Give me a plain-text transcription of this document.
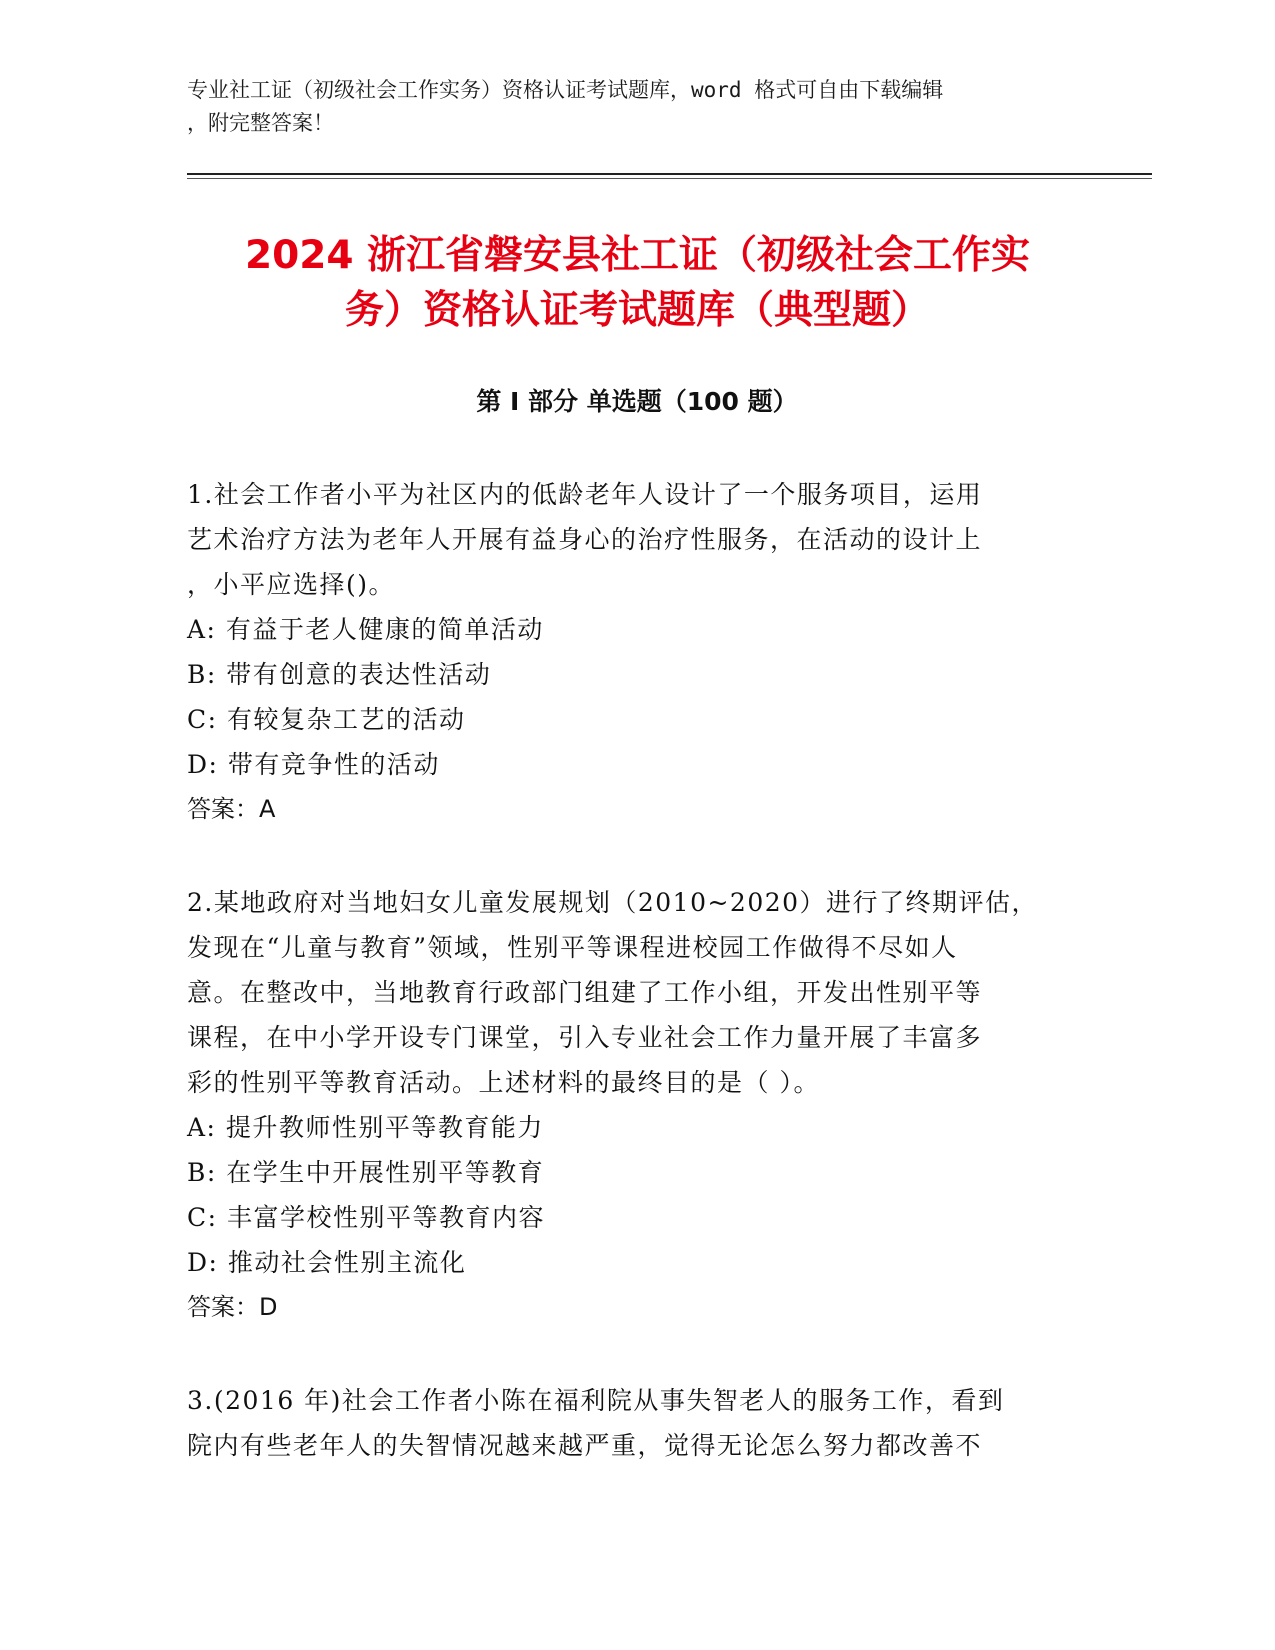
专业社工证（初级社会工作实务）资格认证考试题库，word 格式可自由下载编辑
，附完整答案！
2024 浙江省磐安县社工证（初级社会工作实
务）资格认证考试题库（典型题）
第 I 部分 单选题（100 题）
1.社会工作者小平为社区内的低龄老年人设计了一个服务项目，运用
艺术治疗方法为老年人开展有益身心的治疗性服务，在活动的设计上
，小平应选择()。
A: 有益于老人健康的简单活动
B: 带有创意的表达性活动
C: 有较复杂工艺的活动
D: 带有竞争性的活动
答案：A
2.某地政府对当地妇女儿童发展规划（2010~2020）进行了终期评估，
发现在“儿童与教育”领域，性别平等课程进校园工作做得不尽如人
意。在整改中，当地教育行政部门组建了工作小组，开发出性别平等
课程，在中小学开设专门课堂，引入专业社会工作力量开展了丰富多
彩的性别平等教育活动。上述材料的最终目的是（ ）。
A: 提升教师性别平等教育能力
B: 在学生中开展性别平等教育
C: 丰富学校性别平等教育内容
D: 推动社会性别主流化
答案：D
3.(2016 年)社会工作者小陈在福利院从事失智老人的服务工作，看到
院内有些老年人的失智情况越来越严重，觉得无论怎么努力都改善不
